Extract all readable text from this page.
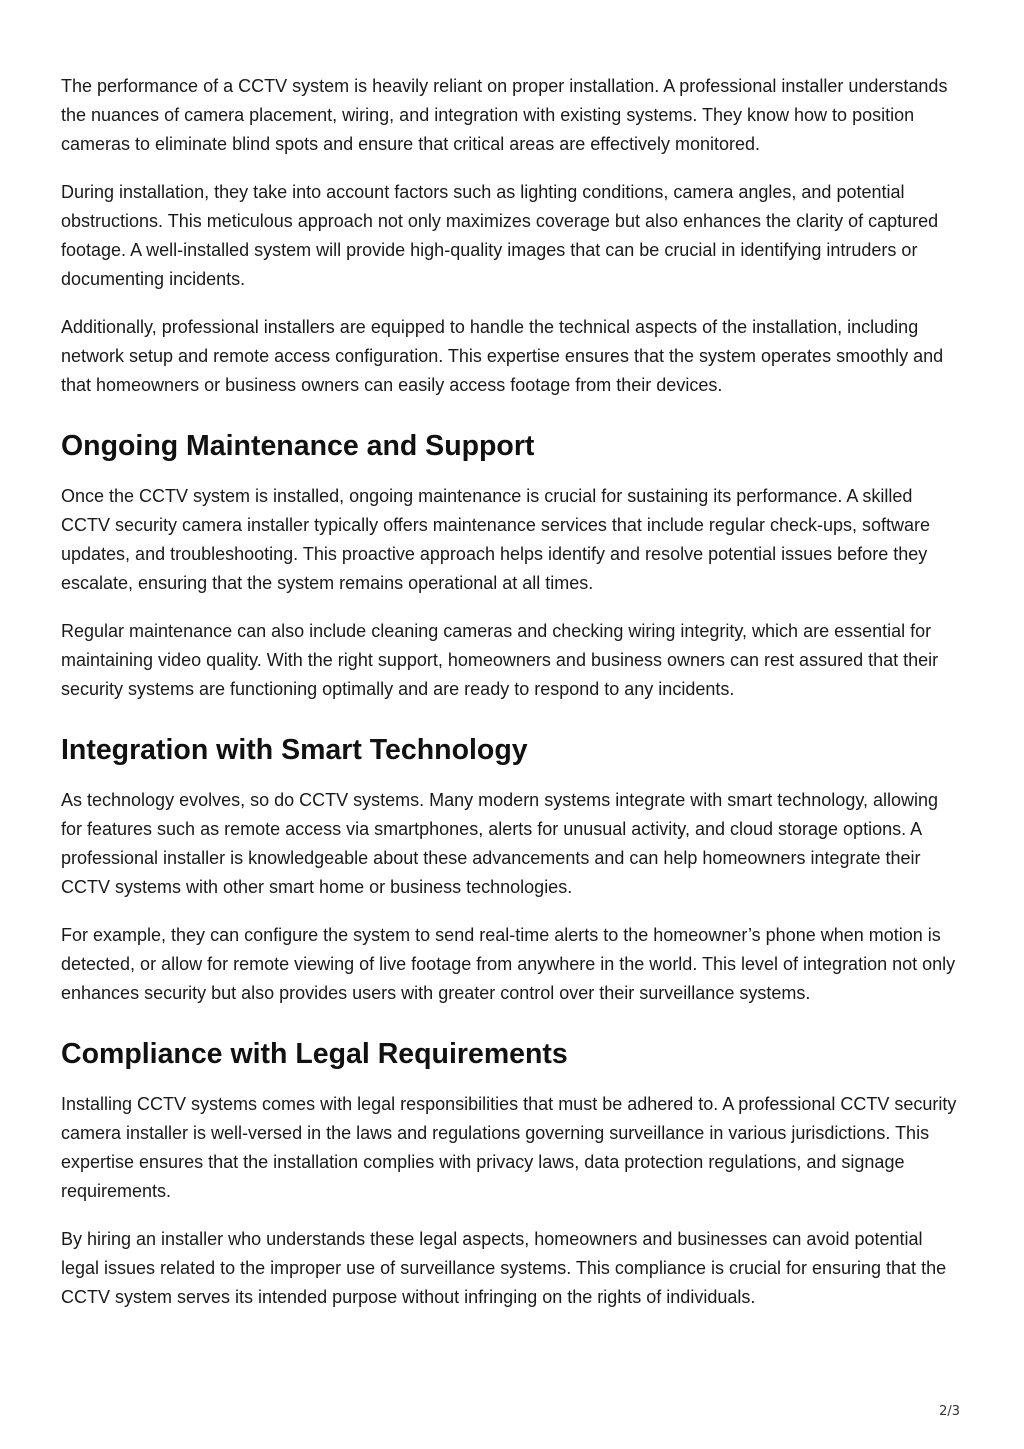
The performance of a CCTV system is heavily reliant on proper installation. A professional installer understands the nuances of camera placement, wiring, and integration with existing systems. They know how to position cameras to eliminate blind spots and ensure that critical areas are effectively monitored.

During installation, they take into account factors such as lighting conditions, camera angles, and potential obstructions. This meticulous approach not only maximizes coverage but also enhances the clarity of captured footage. A well-installed system will provide high-quality images that can be crucial in identifying intruders or documenting incidents.

Additionally, professional installers are equipped to handle the technical aspects of the installation, including network setup and remote access configuration. This expertise ensures that the system operates smoothly and that homeowners or business owners can easily access footage from their devices.

Ongoing Maintenance and Support

Once the CCTV system is installed, ongoing maintenance is crucial for sustaining its performance. A skilled CCTV security camera installer typically offers maintenance services that include regular check-ups, software updates, and troubleshooting. This proactive approach helps identify and resolve potential issues before they escalate, ensuring that the system remains operational at all times.

Regular maintenance can also include cleaning cameras and checking wiring integrity, which are essential for maintaining video quality. With the right support, homeowners and business owners can rest assured that their security systems are functioning optimally and are ready to respond to any incidents.

Integration with Smart Technology

As technology evolves, so do CCTV systems. Many modern systems integrate with smart technology, allowing for features such as remote access via smartphones, alerts for unusual activity, and cloud storage options. A professional installer is knowledgeable about these advancements and can help homeowners integrate their CCTV systems with other smart home or business technologies.

For example, they can configure the system to send real-time alerts to the homeowner’s phone when motion is detected, or allow for remote viewing of live footage from anywhere in the world. This level of integration not only enhances security but also provides users with greater control over their surveillance systems.

Compliance with Legal Requirements

Installing CCTV systems comes with legal responsibilities that must be adhered to. A professional CCTV security camera installer is well-versed in the laws and regulations governing surveillance in various jurisdictions. This expertise ensures that the installation complies with privacy laws, data protection regulations, and signage requirements.

By hiring an installer who understands these legal aspects, homeowners and businesses can avoid potential legal issues related to the improper use of surveillance systems. This compliance is crucial for ensuring that the CCTV system serves its intended purpose without infringing on the rights of individuals.

2/3
